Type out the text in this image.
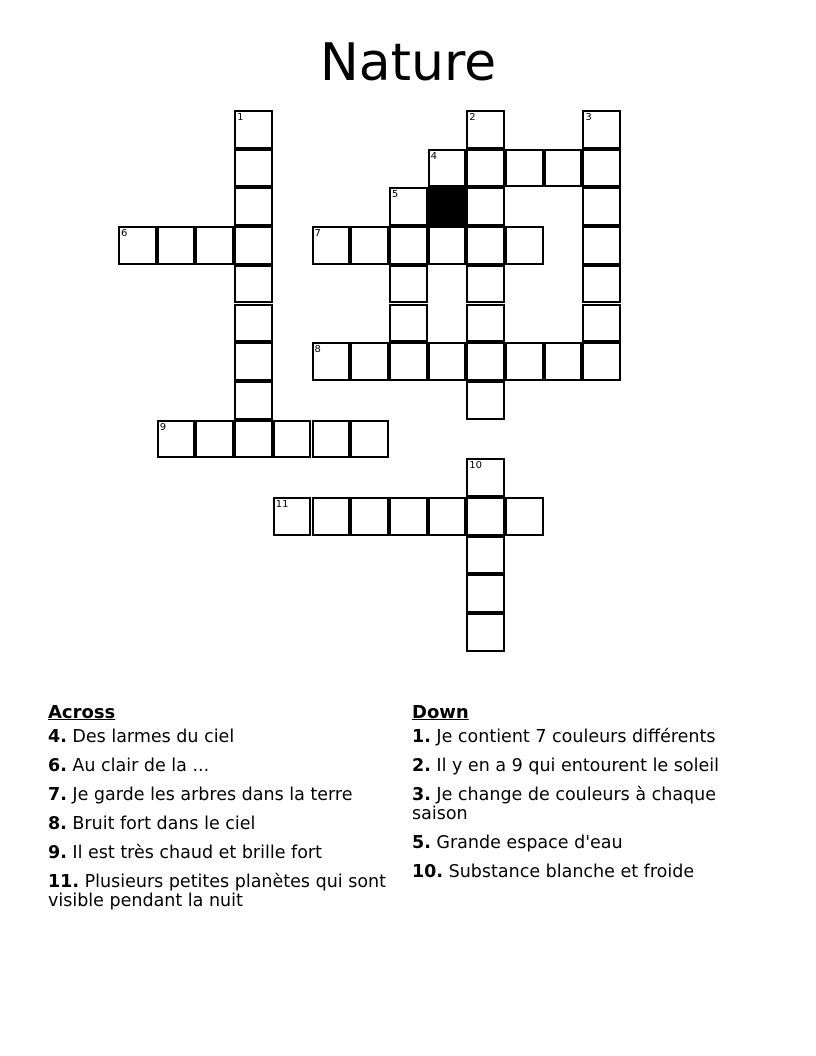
Nature
1	2	3
4
5
6	7
8
9
10
11
Across
4. Des larmes du ciel
6. Au clair de la ...
7. Je garde les arbres dans la terre
8. Bruit fort dans le ciel
9. Il est très chaud et brille fort
11. Plusieurs petites planètes qui sont visible pendant la nuit
Down
1. Je contient 7 couleurs différents
2. Il y en a 9 qui entourent le soleil
3. Je change de couleurs à chaque saison
5. Grande espace d'eau
10. Substance blanche et froide
